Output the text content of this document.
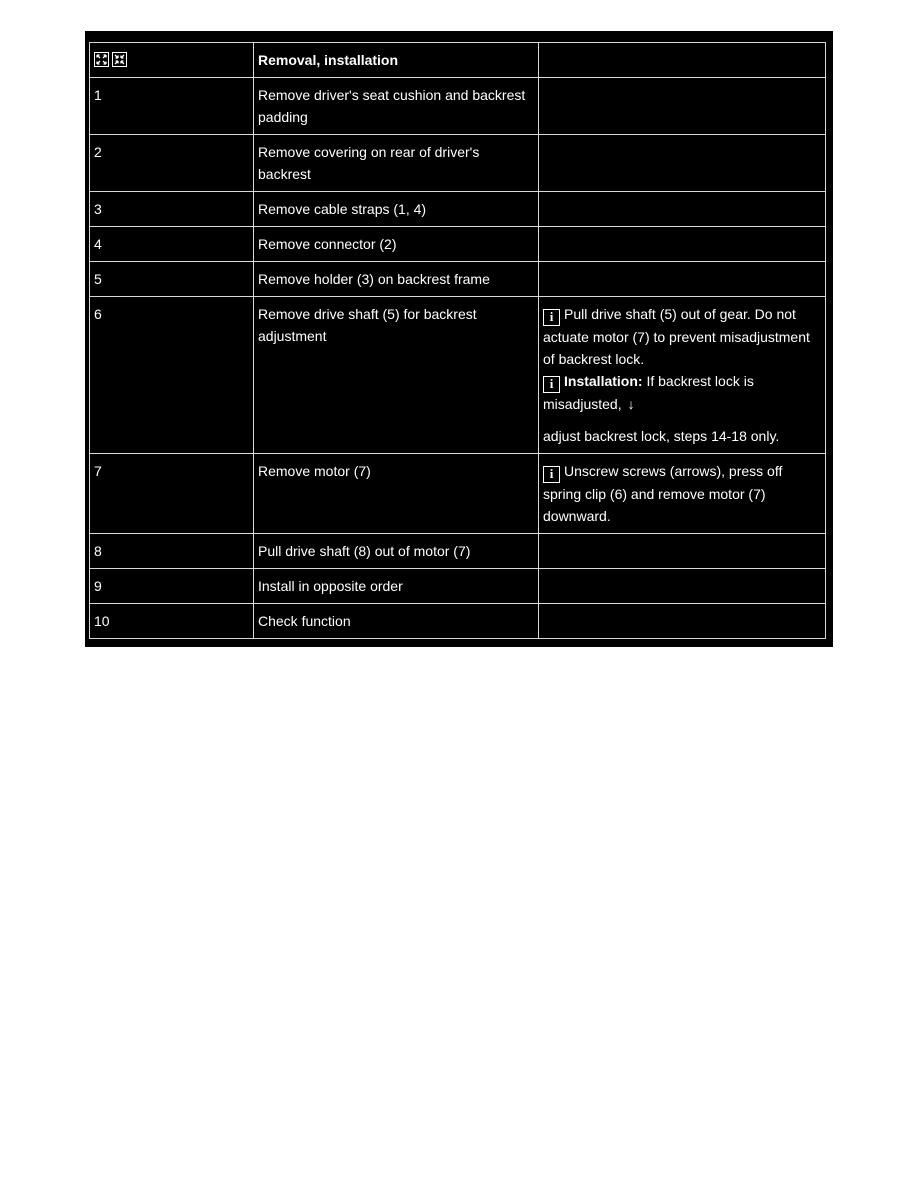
	Removal, installation	
1	Remove driver's seat cushion and backrest padding	
2	Remove covering on rear of driver's backrest	
3	Remove cable straps (1, 4)	
4	Remove connector (2)	
5	Remove holder (3) on backrest frame	
6	Remove drive shaft (5) for backrest adjustment	i Pull drive shaft (5) out of gear. Do not actuate motor (7) to prevent misadjustment of backrest lock.
i Installation: If backrest lock is misadjusted, ↓
adjust backrest lock, steps 14-18 only.

7	Remove motor (7)	i Unscrew screws (arrows), press off spring clip (6) and remove motor (7) downward.

8	Pull drive shaft (8) out of motor (7)	
9	Install in opposite order	
10	Check function	
